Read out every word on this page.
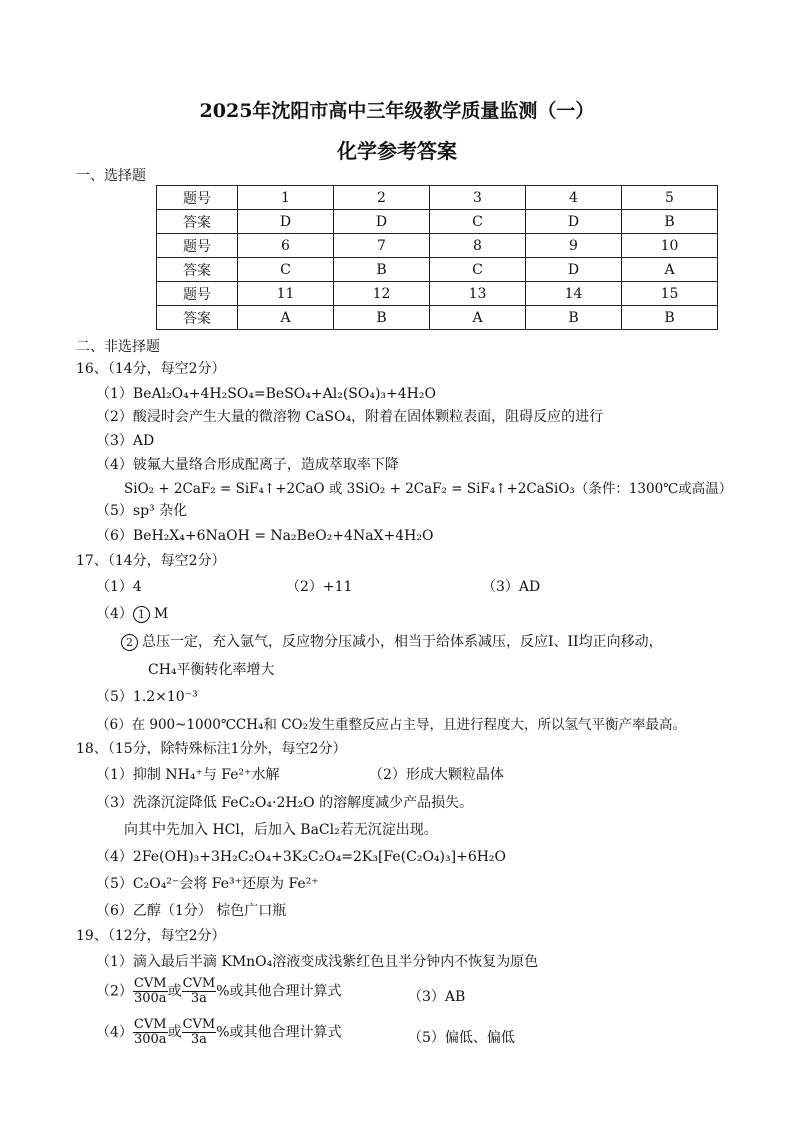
2025年沈阳市高中三年级教学质量监测（一）
化学参考答案
一、选择题
题号	1	2	3	4	5
答案	D	D	C	D	B
题号	6	7	8	9	10
答案	C	B	C	D	A
题号	11	12	13	14	15
答案	A	B	A	B	B
二、非选择题
16、（14分，每空2分）
（1）BeAl₂O₄+4H₂SO₄=BeSO₄+Al₂(SO₄)₃+4H₂O
（2）酸浸时会产生大量的微溶物 CaSO₄，附着在固体颗粒表面，阻碍反应的进行
（3）AD
（4）铍氟大量络合形成配离子，造成萃取率下降
SiO₂ + 2CaF₂ = SiF₄↑+2CaO 或 3SiO₂ + 2CaF₂ = SiF₄↑+2CaSiO₃（条件：1300℃或高温）
（5）sp³ 杂化
（6）BeH₂X₄+6NaOH = Na₂BeO₂+4NaX+4H₂O
17、（14分，每空2分）
（1）4	（2）+11	（3）AD
（4） 1 M
2 总压一定，充入氩气，反应物分压减小，相当于给体系减压，反应I、II均正向移动，
CH₄平衡转化率增大
（5）1.2×10⁻³
（6）在 900~1000℃CH₄和 CO₂发生重整反应占主导，且进行程度大，所以氢气平衡产率最高。
18、（15分，除特殊标注1分外，每空2分）
（1）抑制 NH₄⁺与 Fe²⁺水解	（2）形成大颗粒晶体
（3）洗涤沉淀降低 FeC₂O₄·2H₂O 的溶解度减少产品损失。
向其中先加入 HCl，后加入 BaCl₂若无沉淀出现。
（4）2Fe(OH)₃+3H₂C₂O₄+3K₂C₂O₄=2K₃[Fe(C₂O₄)₃]+6H₂O
（5）C₂O₄²⁻会将 Fe³⁺还原为 Fe²⁺
（6）乙醇（1分） 棕色广口瓶
19、（12分，每空2分）
（1）滴入最后半滴 KMnO₄溶液变成浅紫红色且半分钟内不恢复为原色
$(2) \frac{\text{CVM}}{300a}$ 或 $\frac{\text{CVM}}{3a}$ %或其他合理计算式	（3）AB
$(4) \frac{\text{CVM}}{300a}$ 或 $\frac{\text{CVM}}{3a}$ %或其他合理计算式	（5）偏低、偏低
